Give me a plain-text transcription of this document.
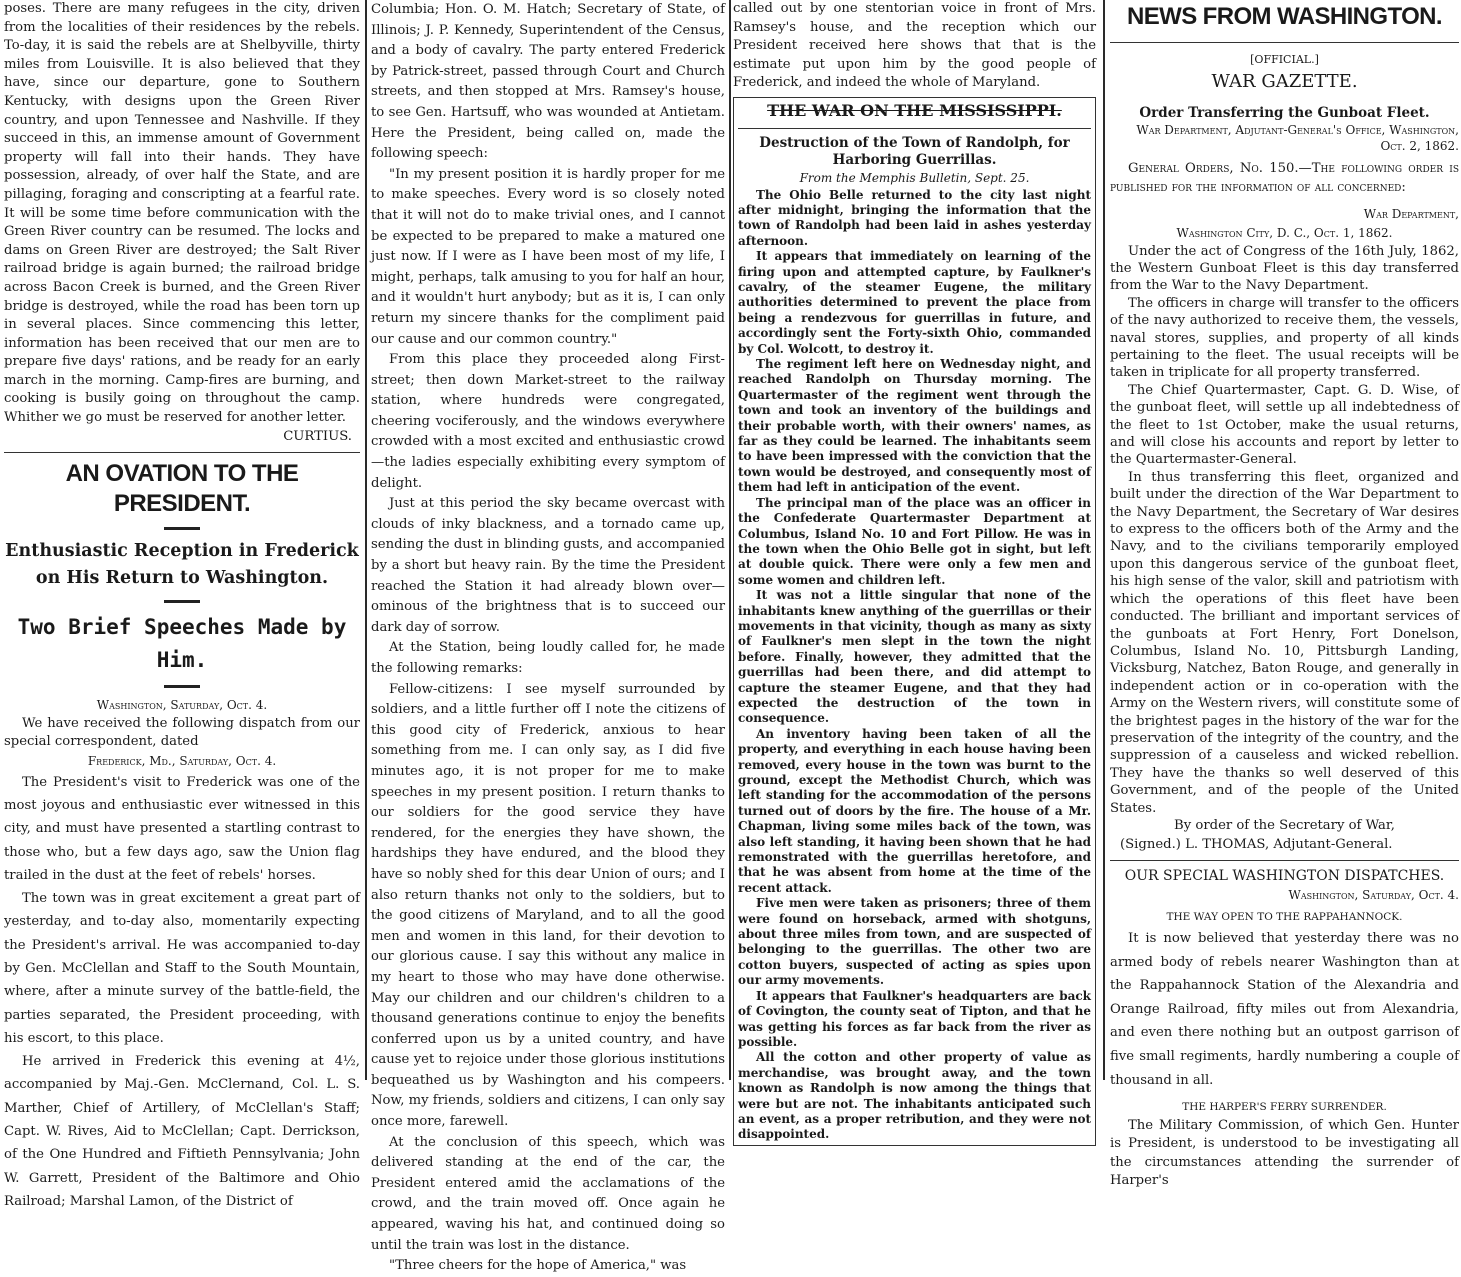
poses. There are many refugees in the city, driven from the localities of their residences by the rebels. To-day, it is said the rebels are at Shelbyville, thirty miles from Louisville. It is also believed that they have, since our departure, gone to Southern Kentucky, with designs upon the Green River country, and upon Tennessee and Nashville. If they succeed in this, an immense amount of Government property will fall into their hands. They have possession, already, of over half the State, and are pillaging, foraging and conscripting at a fearful rate. It will be some time before communication with the Green River country can be resumed. The locks and dams on Green River are destroyed; the Salt River railroad bridge is again burned; the railroad bridge across Bacon Creek is burned, and the Green River bridge is destroyed, while the road has been torn up in several places. Since commencing this letter, information has been received that our men are to prepare five days' rations, and be ready for an early march in the morning. Camp-fires are burning, and cooking is busily going on throughout the camp. Whither we go must be reserved for another letter.

CURTIUS.

AN OVATION TO THE PRESIDENT.
Enthusiastic Reception in Frederick on His Return to Washington.
Two Brief Speeches Made by Him.

Washington, Saturday, Oct. 4.

We have received the following dispatch from our special correspondent, dated

Frederick, Md., Saturday, Oct. 4.

The President's visit to Frederick was one of the most joyous and enthusiastic ever witnessed in this city, and must have presented a startling contrast to those who, but a few days ago, saw the Union flag trailed in the dust at the feet of rebels' horses.

The town was in great excitement a great part of yesterday, and to-day also, momentarily expecting the President's arrival. He was accompanied to-day by Gen. McClellan and Staff to the South Mountain, where, after a minute survey of the battle-field, the parties separated, the President proceeding, with his escort, to this place.

He arrived in Frederick this evening at 4½, accompanied by Maj.-Gen. McClernand, Col. L. S. Marther, Chief of Artillery, of McClellan's Staff; Capt. W. Rives, Aid to McClellan; Capt. Derrickson, of the One Hundred and Fiftieth Pennsylvania; John W. Garrett, President of the Baltimore and Ohio Railroad; Marshal Lamon, of the District of

Columbia; Hon. O. M. Hatch; Secretary of State, of Illinois; J. P. Kennedy, Superintendent of the Census, and a body of cavalry. The party entered Frederick by Patrick-street, passed through Court and Church streets, and then stopped at Mrs. Ramsey's house, to see Gen. Hartsuff, who was wounded at Antietam. Here the President, being called on, made the following speech:

"In my present position it is hardly proper for me to make speeches. Every word is so closely noted that it will not do to make trivial ones, and I cannot be expected to be prepared to make a matured one just now. If I were as I have been most of my life, I might, perhaps, talk amusing to you for half an hour, and it wouldn't hurt anybody; but as it is, I can only return my sincere thanks for the compliment paid our cause and our common country."

From this place they proceeded along First-street; then down Market-street to the railway station, where hundreds were congregated, cheering vociferously, and the windows everywhere crowded with a most excited and enthusiastic crowd—the ladies especially exhibiting every symptom of delight.

Just at this period the sky became overcast with clouds of inky blackness, and a tornado came up, sending the dust in blinding gusts, and accompanied by a short but heavy rain. By the time the President reached the Station it had already blown over—ominous of the brightness that is to succeed our dark day of sorrow.

At the Station, being loudly called for, he made the following remarks:

Fellow-citizens: I see myself surrounded by soldiers, and a little further off I note the citizens of this good city of Frederick, anxious to hear something from me. I can only say, as I did five minutes ago, it is not proper for me to make speeches in my present position. I return thanks to our soldiers for the good service they have rendered, for the energies they have shown, the hardships they have endured, and the blood they have so nobly shed for this dear Union of ours; and I also return thanks not only to the soldiers, but to the good citizens of Maryland, and to all the good men and women in this land, for their devotion to our glorious cause. I say this without any malice in my heart to those who may have done otherwise. May our children and our children's children to a thousand generations continue to enjoy the benefits conferred upon us by a united country, and have cause yet to rejoice under those glorious institutions bequeathed us by Washington and his compeers. Now, my friends, soldiers and citizens, I can only say once more, farewell.

At the conclusion of this speech, which was delivered standing at the end of the car, the President entered amid the acclamations of the crowd, and the train moved off. Once again he appeared, waving his hat, and continued doing so until the train was lost in the distance.

"Three cheers for the hope of America," was

called out by one stentorian voice in front of Mrs. Ramsey's house, and the reception which our President received here shows that that is the estimate put upon him by the good people of Frederick, and indeed the whole of Maryland.

THE WAR ON THE MISSISSIPPI.
Destruction of the Town of Randolph, for Harboring Guerrillas.

From the Memphis Bulletin, Sept. 25.

The Ohio Belle returned to the city last night after midnight, bringing the information that the town of Randolph had been laid in ashes yesterday afternoon.

It appears that immediately on learning of the firing upon and attempted capture, by Faulkner's cavalry, of the steamer Eugene, the military authorities determined to prevent the place from being a rendezvous for guerrillas in future, and accordingly sent the Forty-sixth Ohio, commanded by Col. Wolcott, to destroy it.

The regiment left here on Wednesday night, and reached Randolph on Thursday morning. The Quartermaster of the regiment went through the town and took an inventory of the buildings and their probable worth, with their owners' names, as far as they could be learned. The inhabitants seem to have been impressed with the conviction that the town would be destroyed, and consequently most of them had left in anticipation of the event.

The principal man of the place was an officer in the Confederate Quartermaster Department at Columbus, Island No. 10 and Fort Pillow. He was in the town when the Ohio Belle got in sight, but left at double quick. There were only a few men and some women and children left.

It was not a little singular that none of the inhabitants knew anything of the guerrillas or their movements in that vicinity, though as many as sixty of Faulkner's men slept in the town the night before. Finally, however, they admitted that the guerrillas had been there, and did attempt to capture the steamer Eugene, and that they had expected the destruction of the town in consequence.

An inventory having been taken of all the property, and everything in each house having been removed, every house in the town was burnt to the ground, except the Methodist Church, which was left standing for the accommodation of the persons turned out of doors by the fire. The house of a Mr. Chapman, living some miles back of the town, was also left standing, it having been shown that he had remonstrated with the guerrillas heretofore, and that he was absent from home at the time of the recent attack.

Five men were taken as prisoners; three of them were found on horseback, armed with shotguns, about three miles from town, and are suspected of belonging to the guerrillas. The other two are cotton buyers, suspected of acting as spies upon our army movements.

It appears that Faulkner's headquarters are back of Covington, the county seat of Tipton, and that he was getting his forces as far back from the river as possible.

All the cotton and other property of value as merchandise, was brought away, and the town known as Randolph is now among the things that were but are not. The inhabitants anticipated such an event, as a proper retribution, and they were not disappointed.

NEWS FROM WASHINGTON.

[OFFICIAL.]

WAR GAZETTE.

Order Transferring the Gunboat Fleet.

War Department, Adjutant-General's Office, Washington, Oct. 2, 1862.

General Orders, No. 150.—The following order is published for the information of all concerned:

War Department,

Washington City, D. C., Oct. 1, 1862.

Under the act of Congress of the 16th July, 1862, the Western Gunboat Fleet is this day transferred from the War to the Navy Department.

The officers in charge will transfer to the officers of the navy authorized to receive them, the vessels, naval stores, supplies, and property of all kinds pertaining to the fleet. The usual receipts will be taken in triplicate for all property transferred.

The Chief Quartermaster, Capt. G. D. Wise, of the gunboat fleet, will settle up all indebtedness of the fleet to 1st October, make the usual returns, and will close his accounts and report by letter to the Quartermaster-General.

In thus transferring this fleet, organized and built under the direction of the War Department to the Navy Department, the Secretary of War desires to express to the officers both of the Army and the Navy, and to the civilians temporarily employed upon this dangerous service of the gunboat fleet, his high sense of the valor, skill and patriotism with which the operations of this fleet have been conducted. The brilliant and important services of the gunboats at Fort Henry, Fort Donelson, Columbus, Island No. 10, Pittsburgh Landing, Vicksburg, Natchez, Baton Rouge, and generally in independent action or in co-operation with the Army on the Western rivers, will constitute some of the brightest pages in the history of the war for the preservation of the integrity of the country, and the suppression of a causeless and wicked rebellion. They have the thanks so well deserved of this Government, and of the people of the United States.

By order of the Secretary of War,

(Signed.) L. THOMAS, Adjutant-General.

OUR SPECIAL WASHINGTON DISPATCHES.

Washington, Saturday, Oct. 4.

THE WAY OPEN TO THE RAPPAHANNOCK.

It is now believed that yesterday there was no armed body of rebels nearer Washington than at the Rappahannock Station of the Alexandria and Orange Railroad, fifty miles out from Alexandria, and even there nothing but an outpost garrison of five small regiments, hardly numbering a couple of thousand in all.

THE HARPER'S FERRY SURRENDER.

The Military Commission, of which Gen. Hunter is President, is understood to be investigating all the circumstances attending the surrender of Harper's
